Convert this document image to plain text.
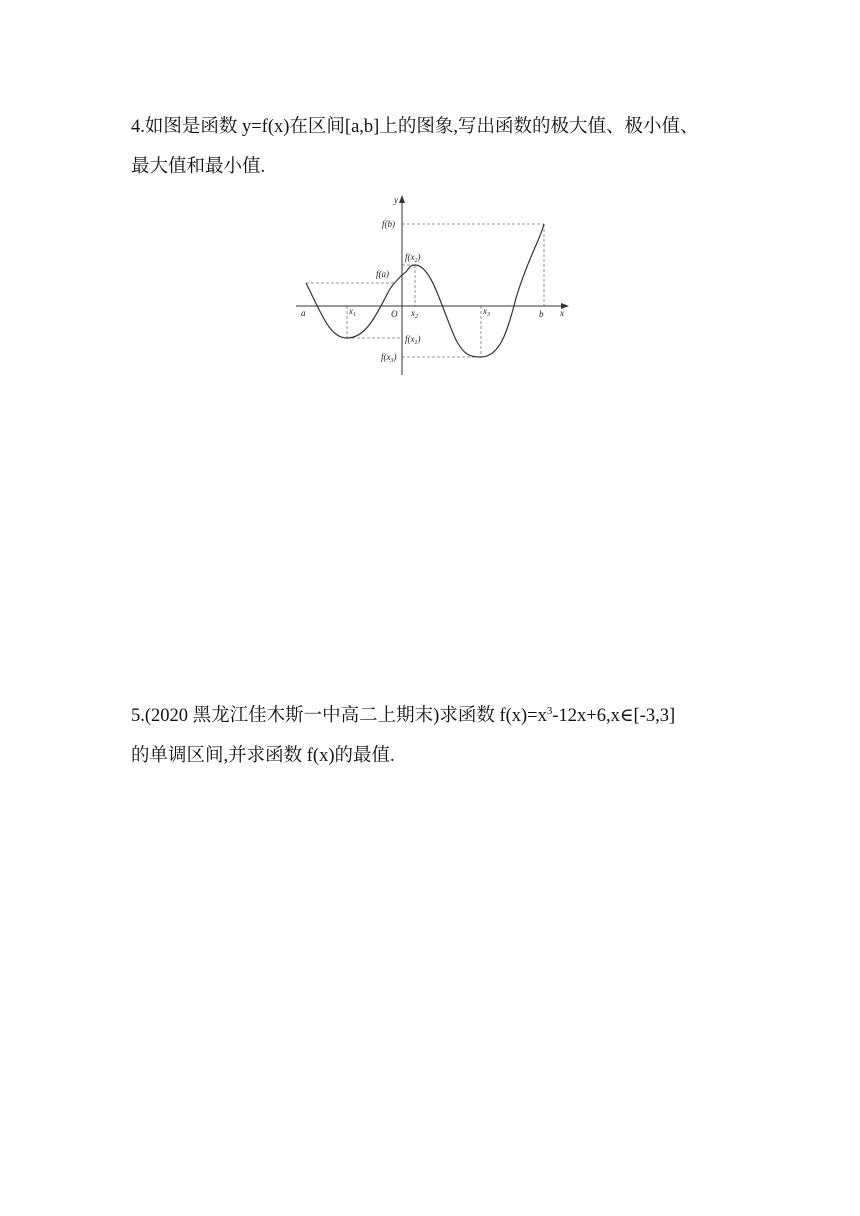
4.如图是函数 y=f(x)在区间[a,b]上的图象,写出函数的极大值、极小值、
最大值和最小值.
y
x
O
a	b
$x_1$	$x_2$
$x_3$
f(b)
f(a)
$f(x_2)$
$f(x_1)$
$f(x_3)$
5.(2020 黑龙江佳木斯一中高二上期末)求函数 $f(x)=x^3-12x+6,x\in[-3,3]$
的单调区间,并求函数 f(x)的最值.
